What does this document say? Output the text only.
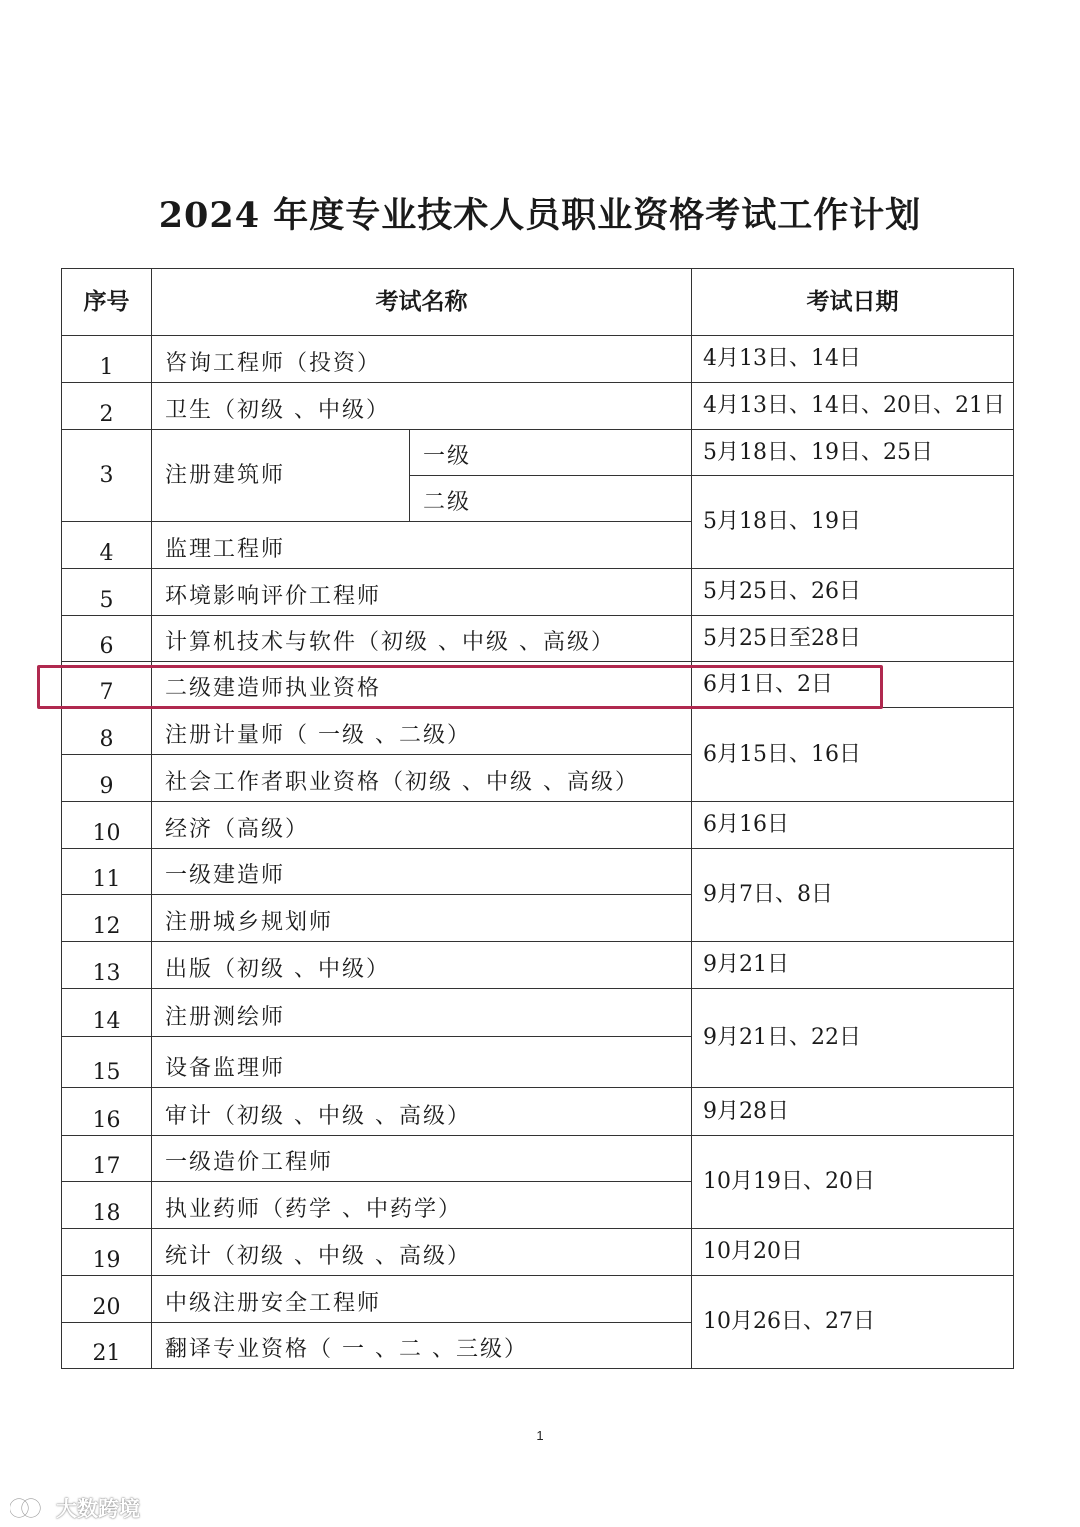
2024 年度专业技术人员职业资格考试工作计划
序号	考试名称		考试日期
1	咨询工程师（投资）		4月13日、14日
2	卫生（初级 、中级）		4月13日、14日、20日、21日
3	注册建筑师	一级	5月18日、19日、25日
		二级	5月18日、19日
4	监理工程师		
5	环境影响评价工程师		5月25日、26日
6	计算机技术与软件（初级 、中级 、高级）		5月25日至28日
7	二级建造师执业资格		6月1日、2日
8	注册计量师（ 一级 、二级）		6月15日、16日
9	社会工作者职业资格（初级 、中级 、高级）		
10	经济（高级）		6月16日
11	一级建造师		9月7日、8日
12	注册城乡规划师		
13	出版（初级 、中级）		9月21日
14	注册测绘师		9月21日、22日
15	设备监理师		
16	审计（初级 、中级 、高级）		9月28日
17	一级造价工程师		10月19日、20日
18	执业药师（药学 、中药学）		
19	统计（初级 、中级 、高级）		10月20日
20	中级注册安全工程师		10月26日、27日
21	翻译专业资格（ 一 、二 、三级）		
1
大数跨境
